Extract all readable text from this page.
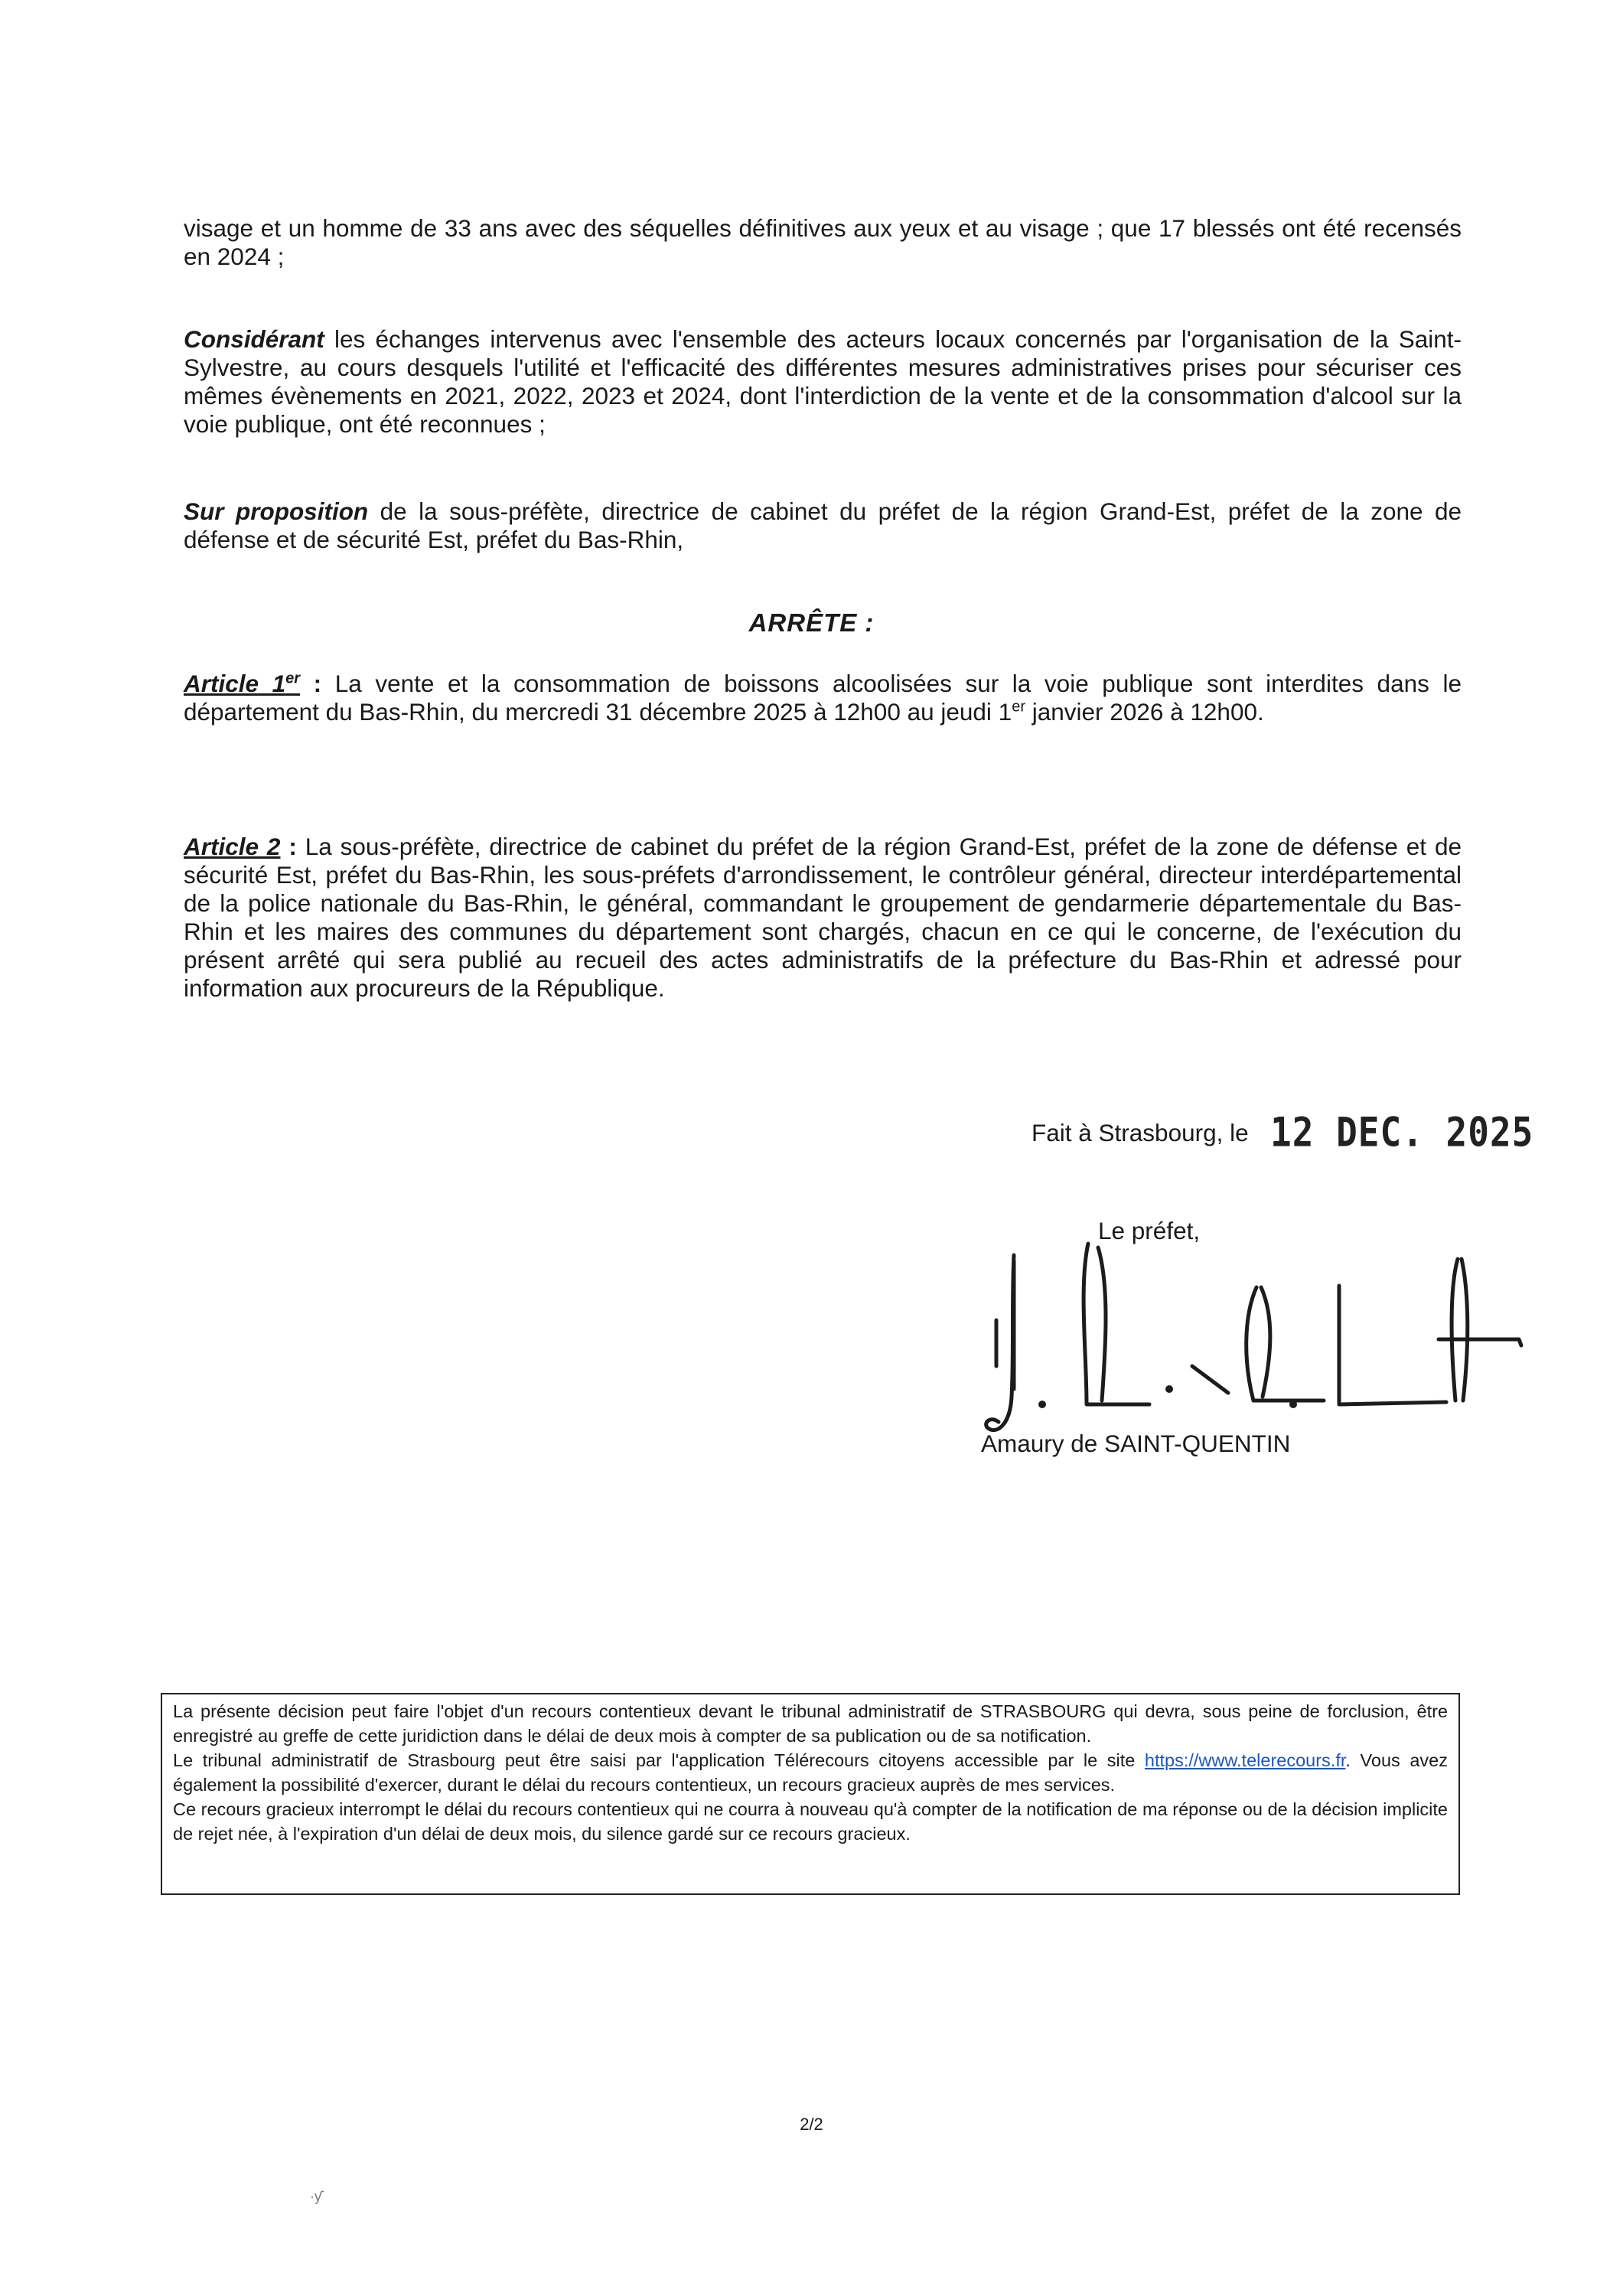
visage et un homme de 33 ans avec des séquelles définitives aux yeux et au visage ; que 17 blessés ont été recensés en 2024 ;

Considérant les échanges intervenus avec l'ensemble des acteurs locaux concernés par l'organisation de la Saint-Sylvestre, au cours desquels l'utilité et l'efficacité des différentes mesures administratives prises pour sécuriser ces mêmes évènements en 2021, 2022, 2023 et 2024, dont l'interdiction de la vente et de la consommation d'alcool sur la voie publique, ont été reconnues ;

Sur proposition de la sous-préfète, directrice de cabinet du préfet de la région Grand-Est, préfet de la zone de défense et de sécurité Est, préfet du Bas-Rhin,

ARRÊTE :

Article 1er : La vente et la consommation de boissons alcoolisées sur la voie publique sont interdites dans le département du Bas-Rhin, du mercredi 31 décembre 2025 à 12h00 au jeudi 1er janvier 2026 à 12h00.

Article 2 : La sous-préfète, directrice de cabinet du préfet de la région Grand-Est, préfet de la zone de défense et de sécurité Est, préfet du Bas-Rhin, les sous-préfets d'arrondissement, le contrôleur général, directeur interdépartemental de la police nationale du Bas-Rhin, le général, commandant le groupement de gendarmerie départementale du Bas-Rhin et les maires des communes du département sont chargés, chacun en ce qui le concerne, de l'exécution du présent arrêté qui sera publié au recueil des actes administratifs de la préfecture du Bas-Rhin et adressé pour information aux procureurs de la République.

Fait à Strasbourg, le 12 DEC. 2025
Le préfet,
Amaury de SAINT-QUENTIN

La présente décision peut faire l'objet d'un recours contentieux devant le tribunal administratif de STRASBOURG qui devra, sous peine de forclusion, être enregistré au greffe de cette juridiction dans le délai de deux mois à compter de sa publication ou de sa notification.

Le tribunal administratif de Strasbourg peut être saisi par l'application Télérecours citoyens accessible par le site https://www.telerecours.fr. Vous avez également la possibilité d'exercer, durant le délai du recours contentieux, un recours gracieux auprès de mes services.

Ce recours gracieux interrompt le délai du recours contentieux qui ne courra à nouveau qu'à compter de la notification de ma réponse ou de la décision implicite de rejet née, à l'expiration d'un délai de deux mois, du silence gardé sur ce recours gracieux.

2/2
·ƴ
